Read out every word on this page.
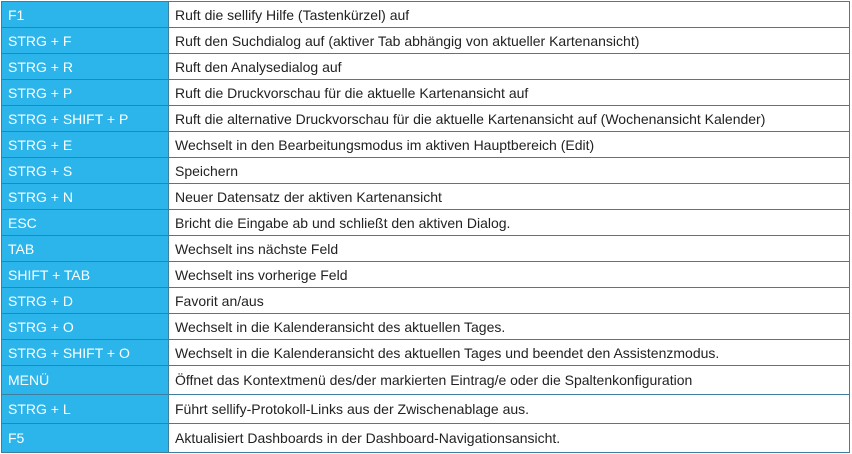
F1	Ruft die sellify Hilfe (Tastenkürzel) auf
STRG + F	Ruft den Suchdialog auf (aktiver Tab abhängig von aktueller Kartenansicht)
STRG + R	Ruft den Analysedialog auf
STRG + P	Ruft die Druckvorschau für die aktuelle Kartenansicht auf
STRG + SHIFT + P	Ruft die alternative Druckvorschau für die aktuelle Kartenansicht auf (Wochenansicht Kalender)
STRG + E	Wechselt in den Bearbeitungsmodus im aktiven Hauptbereich (Edit)
STRG + S	Speichern
STRG + N	Neuer Datensatz der aktiven Kartenansicht
ESC	Bricht die Eingabe ab und schließt den aktiven Dialog.
TAB	Wechselt ins nächste Feld
SHIFT + TAB	Wechselt ins vorherige Feld
STRG + D	Favorit an/aus
STRG + O	Wechselt in die Kalenderansicht des aktuellen Tages.
STRG + SHIFT + O	Wechselt in die Kalenderansicht des aktuellen Tages und beendet den Assistenzmodus.
MENÜ	Öffnet das Kontextmenü des/der markierten Eintrag/e oder die Spaltenkonfiguration
STRG + L	Führt sellify-Protokoll-Links aus der Zwischenablage aus.
F5	Aktualisiert Dashboards in der Dashboard-Navigationsansicht.
